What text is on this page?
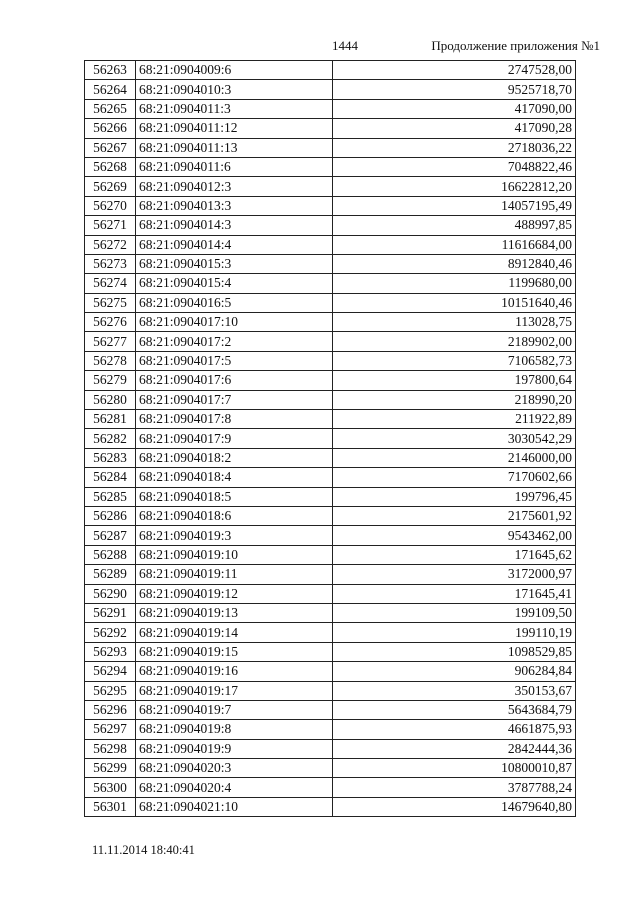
1444	Продолжение приложения №1
56263	68:21:0904009:6	2747528,00
56264	68:21:0904010:3	9525718,70
56265	68:21:0904011:3	417090,00
56266	68:21:0904011:12	417090,28
56267	68:21:0904011:13	2718036,22
56268	68:21:0904011:6	7048822,46
56269	68:21:0904012:3	16622812,20
56270	68:21:0904013:3	14057195,49
56271	68:21:0904014:3	488997,85
56272	68:21:0904014:4	11616684,00
56273	68:21:0904015:3	8912840,46
56274	68:21:0904015:4	1199680,00
56275	68:21:0904016:5	10151640,46
56276	68:21:0904017:10	113028,75
56277	68:21:0904017:2	2189902,00
56278	68:21:0904017:5	7106582,73
56279	68:21:0904017:6	197800,64
56280	68:21:0904017:7	218990,20
56281	68:21:0904017:8	211922,89
56282	68:21:0904017:9	3030542,29
56283	68:21:0904018:2	2146000,00
56284	68:21:0904018:4	7170602,66
56285	68:21:0904018:5	199796,45
56286	68:21:0904018:6	2175601,92
56287	68:21:0904019:3	9543462,00
56288	68:21:0904019:10	171645,62
56289	68:21:0904019:11	3172000,97
56290	68:21:0904019:12	171645,41
56291	68:21:0904019:13	199109,50
56292	68:21:0904019:14	199110,19
56293	68:21:0904019:15	1098529,85
56294	68:21:0904019:16	906284,84
56295	68:21:0904019:17	350153,67
56296	68:21:0904019:7	5643684,79
56297	68:21:0904019:8	4661875,93
56298	68:21:0904019:9	2842444,36
56299	68:21:0904020:3	10800010,87
56300	68:21:0904020:4	3787788,24
56301	68:21:0904021:10	14679640,80
11.11.2014 18:40:41
